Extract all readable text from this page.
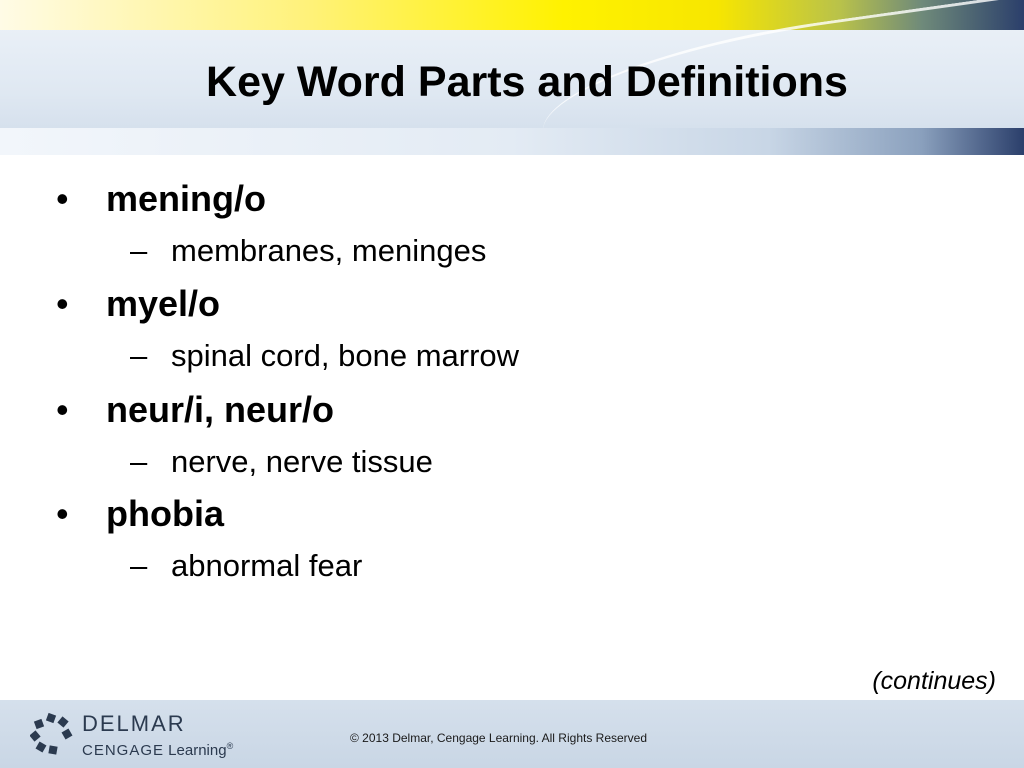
Key Word Parts and Definitions
• mening/o
– membranes, meninges
• myel/o
– spinal cord, bone marrow
• neur/i, neur/o
– nerve, nerve tissue
• phobia
– abnormal fear
(continues)
DELMAR
CENGAGE Learning®
© 2013 Delmar, Cengage Learning. All Rights Reserved
